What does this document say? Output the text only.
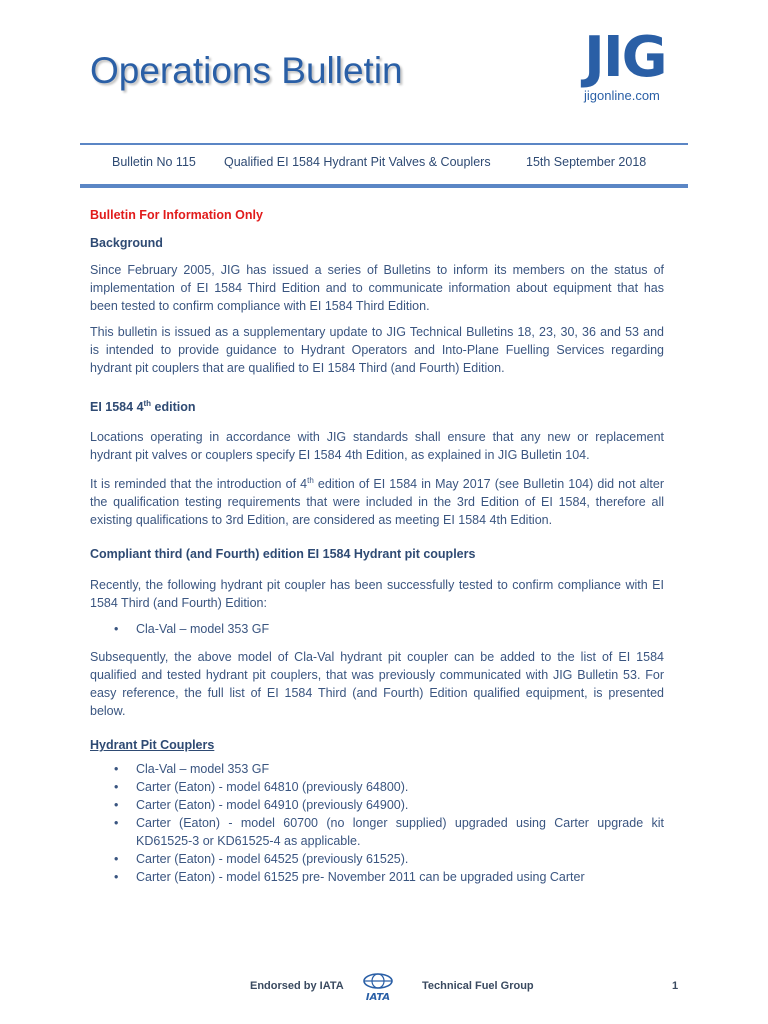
Operations Bulletin	JIG
jigonline.com
Bulletin No 115 Qualified EI 1584 Hydrant Pit Valves & Couplers	15th September 2018

Bulletin For Information Only

Background

Since February 2005, JIG has issued a series of Bulletins to inform its members on the status of implementation of EI 1584 Third Edition and to communicate information about equipment that has been tested to confirm compliance with EI 1584 Third Edition.

This bulletin is issued as a supplementary update to JIG Technical Bulletins 18, 23, 30, 36 and 53 and is intended to provide guidance to Hydrant Operators and Into-Plane Fuelling Services regarding hydrant pit couplers that are qualified to EI 1584 Third (and Fourth) Edition.

EI 1584 4th edition

Locations operating in accordance with JIG standards shall ensure that any new or replacement hydrant pit valves or couplers specify EI 1584 4th Edition, as explained in JIG Bulletin 104.

It is reminded that the introduction of 4th edition of EI 1584 in May 2017 (see Bulletin 104) did not alter the qualification testing requirements that were included in the 3rd Edition of EI 1584, therefore all existing qualifications to 3rd Edition, are considered as meeting EI 1584 4th Edition.

Compliant third (and Fourth) edition EI 1584 Hydrant pit couplers

Recently, the following hydrant pit coupler has been successfully tested to confirm compliance with EI 1584 Third (and Fourth) Edition:

• Cla-Val – model 353 GF

Subsequently, the above model of Cla-Val hydrant pit coupler can be added to the list of EI 1584 qualified and tested hydrant pit couplers, that was previously communicated with JIG Bulletin 53. For easy reference, the full list of EI 1584 Third (and Fourth) Edition qualified equipment, is presented below.

Hydrant Pit Couplers

• Cla-Val – model 353 GF
• Carter (Eaton) - model 64810 (previously 64800).
• Carter (Eaton) - model 64910 (previously 64900).
• Carter (Eaton) - model 60700 (no longer supplied) upgraded using Carter upgrade kit KD61525-3 or KD61525-4 as applicable.
• Carter (Eaton) - model 64525 (previously 61525).
• Carter (Eaton) - model 61525 pre- November 2011 can be upgraded using Carter
Endorsed by IATA
IATA
Technical Fuel Group	1
